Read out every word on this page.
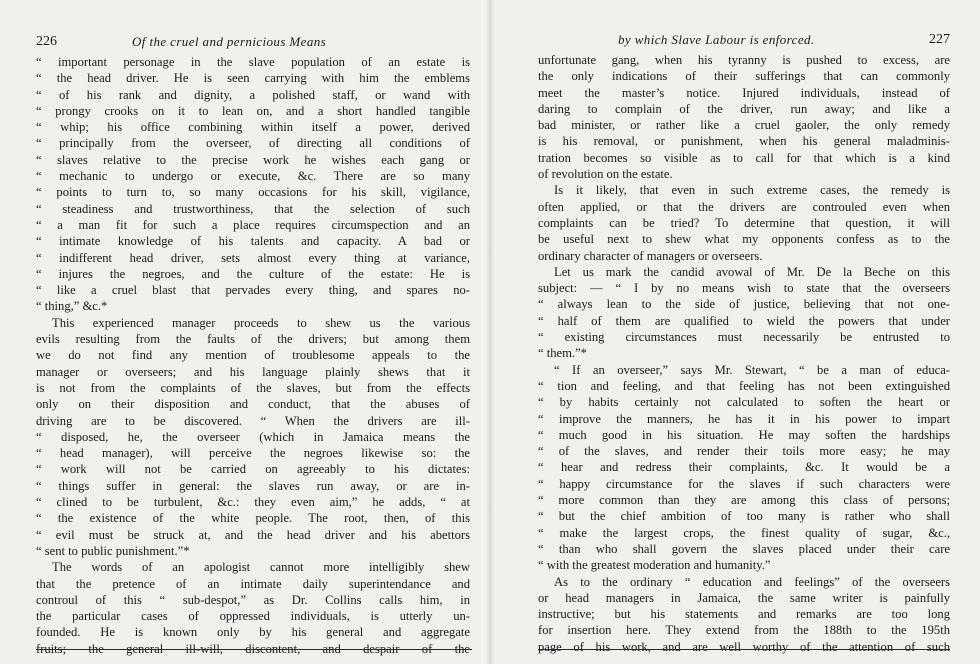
226	Of the cruel and pernicious Means
“ important personage in the slave population of an estate is
“ the head driver. He is seen carrying with him the emblems
“ of his rank and dignity, a polished staff, or wand with
“ prongy crooks on it to lean on, and a short handled tangible
“ whip; his office combining within itself a power, derived
“ principally from the overseer, of directing all conditions of
“ slaves relative to the precise work he wishes each gang or
“ mechanic to undergo or execute, &c. There are so many
“ points to turn to, so many occasions for his skill, vigilance,
“ steadiness and trustworthiness, that the selection of such
“ a man fit for such a place requires circumspection and an
“ intimate knowledge of his talents and capacity. A bad or
“ indifferent head driver, sets almost every thing at variance,
“ injures the negroes, and the culture of the estate: He is
“ like a cruel blast that pervades every thing, and spares no-
“ thing,” &c.*
This experienced manager proceeds to shew us the various
evils resulting from the faults of the drivers; but among them
we do not find any mention of troublesome appeals to the
manager or overseers; and his language plainly shews that it
is not from the complaints of the slaves, but from the effects
only on their disposition and conduct, that the abuses of
driving are to be discovered. “ When the drivers are ill-
“ disposed, he, the overseer (which in Jamaica means the
“ head manager), will perceive the negroes likewise so: the
“ work will not be carried on agreeably to his dictates:
“ things suffer in general: the slaves run away, or are in-
“ clined to be turbulent, &c.: they even aim,” he adds, “ at
“ the existence of the white people. The root, then, of this
“ evil must be struck at, and the head driver and his abettors
“ sent to public punishment.”*
The words of an apologist cannot more intelligibly shew
that the pretence of an intimate daily superintendance and
controul of this “ sub-despot,” as Dr. Collins calls him, in
the particular cases of oppressed individuals, is utterly un-
founded. He is known only by his general and aggregate
fruits; the general ill-will, discontent, and despair of the
by which Slave Labour is enforced.	227
unfortunate gang, when his tyranny is pushed to excess, are
the only indications of their sufferings that can commonly
meet the master’s notice. Injured individuals, instead of
daring to complain of the driver, run away; and like a
bad minister, or rather like a cruel gaoler, the only remedy
is his removal, or punishment, when his general maladminis-
tration becomes so visible as to call for that which is a kind
of revolution on the estate.
Is it likely, that even in such extreme cases, the remedy is
often applied, or that the drivers are controuled even when
complaints can be tried? To determine that question, it will
be useful next to shew what my opponents confess as to the
ordinary character of managers or overseers.
Let us mark the candid avowal of Mr. De la Beche on this
subject: — “ I by no means wish to state that the overseers
“ always lean to the side of justice, believing that not one-
“ half of them are qualified to wield the powers that under
“ existing circumstances must necessarily be entrusted to
“ them.”*
“ If an overseer,” says Mr. Stewart, “ be a man of educa-
“ tion and feeling, and that feeling has not been extinguished
“ by habits certainly not calculated to soften the heart or
“ improve the manners, he has it in his power to impart
“ much good in his situation. He may soften the hardships
“ of the slaves, and render their toils more easy; he may
“ hear and redress their complaints, &c. It would be a
“ happy circumstance for the slaves if such characters were
“ more common than they are among this class of persons;
“ but the chief ambition of too many is rather who shall
“ make the largest crops, the finest quality of sugar, &c.,
“ than who shall govern the slaves placed under their care
“ with the greatest moderation and humanity.”
As to the ordinary “ education and feelings” of the overseers
or head managers in Jamaica, the same writer is painfully
instructive; but his statements and remarks are too long
for insertion here. They extend from the 188th to the 195th
page of his work, and are well worthy of the attention of such
